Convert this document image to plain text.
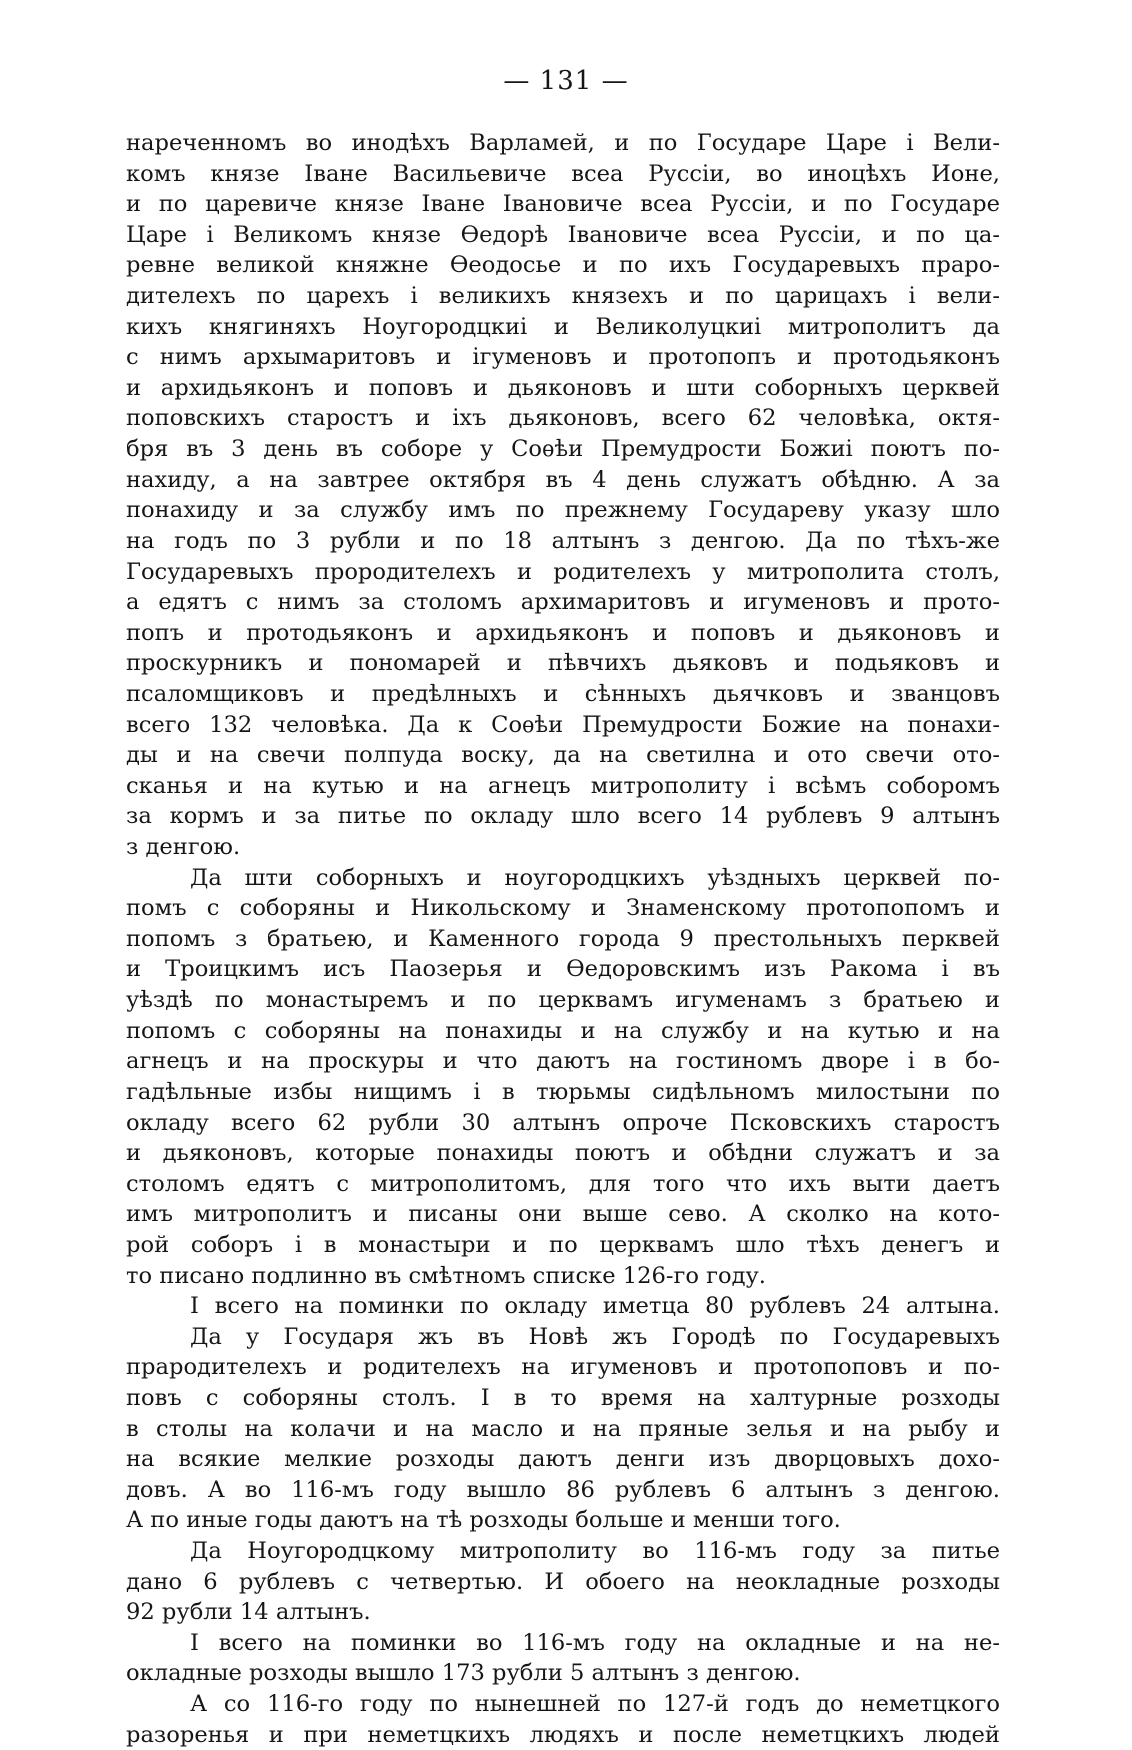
— 131 —
нареченномъ во инодѣхъ Варламей, и по Государе Царе і Вели-
комъ князе Іване Васильевиче всеа Руссіи, во иноцѣхъ Ионе,
и по царевиче князе Іване Івановиче всеа Руссіи, и по Государе
Царе і Великомъ князе Ѳедорѣ Івановиче всеа Руссіи, и по ца-
ревне великой княжне Ѳеодосье и по ихъ Государевыхъ прaро-
дителехъ по царехъ і великихъ князехъ и по царицахъ і вели-
кихъ княгиняхъ Ноугородцкиі и Великолуцкиі митрополитъ да
с нимъ архымаритовъ и ігуменовъ и протопопъ и протодьяконъ
и архидьяконъ и поповъ и дьяконовъ и шти соборныхъ церквей
поповскихъ старостъ и іхъ дьяконовъ, всего 62 человѣка, октя-
бря въ 3 день въ соборе у Соѳѣи Премудрости Божиі поютъ по-
нахиду, а на завтрее октября въ 4 день служатъ обѣдню. А за
понахиду и за службу имъ по прежнему Государеву указу шло
на годъ по 3 рубли и по 18 алтынъ з денгою. Да по тѣхъ-же
Государевыхъ прородителехъ и родителехъ у митрополита столъ,
а едятъ с нимъ за столомъ архимаритовъ и игуменовъ и прото-
попъ и протодьяконъ и архидьяконъ и поповъ и дьяконовъ и
проскурникъ и пономарей и пѣвчихъ дьяковъ и подьяковъ и
псаломщиковъ и предѣлныхъ и сѣнныхъ дьячковъ и званцовъ
всего 132 человѣка. Да к Соѳѣи Премудрости Божие на понахи-
ды и на свечи полпуда воску, да на светилна и ото свечи ото-
сканья и на кутью и на агнецъ митрополиту і всѣмъ соборомъ
за кормъ и за питье по окладу шло всего 14 рублевъ 9 алтынъ
з денгою.
Да шти соборныхъ и ноугородцкихъ уѣздныхъ церквей по-
помъ с соборяны и Никольскому и Знаменскому протопопомъ и
попомъ з братьею, и Каменного города 9 престольныхъ перквей
и Троицкимъ исъ Паозерья и Ѳедоровскимъ изъ Ракома і въ
уѣздѣ по монастыремъ и по церквамъ игуменамъ з братьею и
попомъ с соборяны на понахиды и на службу и на кутью и на
агнецъ и на проскуры и что даютъ на гостиномъ дворе і в бо-
гадѣльные избы нищимъ і в тюрьмы сидѣльномъ милостыни по
окладу всего 62 рубли 30 алтынъ опроче Псковскихъ старостъ
и дьяконовъ, которые понахиды поютъ и обѣдни служатъ и за
столомъ едятъ с митрополитомъ, для того что ихъ выти даетъ
имъ митрополитъ и писаны они выше сево. А сколко на кото-
рой соборъ і в монастыри и по церквамъ шло тѣхъ денегъ и
то писано подлинно въ смѣтномъ списке 126-го году.
І всего на поминки по окладу иметца 80 рублевъ 24 алтына.
Да у Государя жъ въ Новѣ жъ Городѣ по Государевыхъ
прародителехъ и родителехъ на игуменовъ и протопоповъ и по-
повъ с соборяны столъ. І в то время на халтурные розходы
в столы на колачи и на масло и на пряные зелья и на рыбу и
на всякие мелкие розходы даютъ денги изъ дворцовыхъ дохо-
довъ. А во 116-мъ году вышло 86 рублевъ 6 алтынъ з денгою.
А по иные годы даютъ на тѣ розходы больше и менши того.
Да Ноугородцкому митрополиту во 116-мъ году за питье
дано 6 рублевъ с четвертью. И обоего на неокладные розходы
92 рубли 14 алтынъ.
І всего на поминки во 116-мъ году на окладные и на не-
окладные розходы вышло 173 рубли 5 алтынъ з денгою.
А со 116-го году по нынешней по 127-й годъ до неметцкого
разоренья и при неметцкихъ людяхъ и после неметцкихъ людей
